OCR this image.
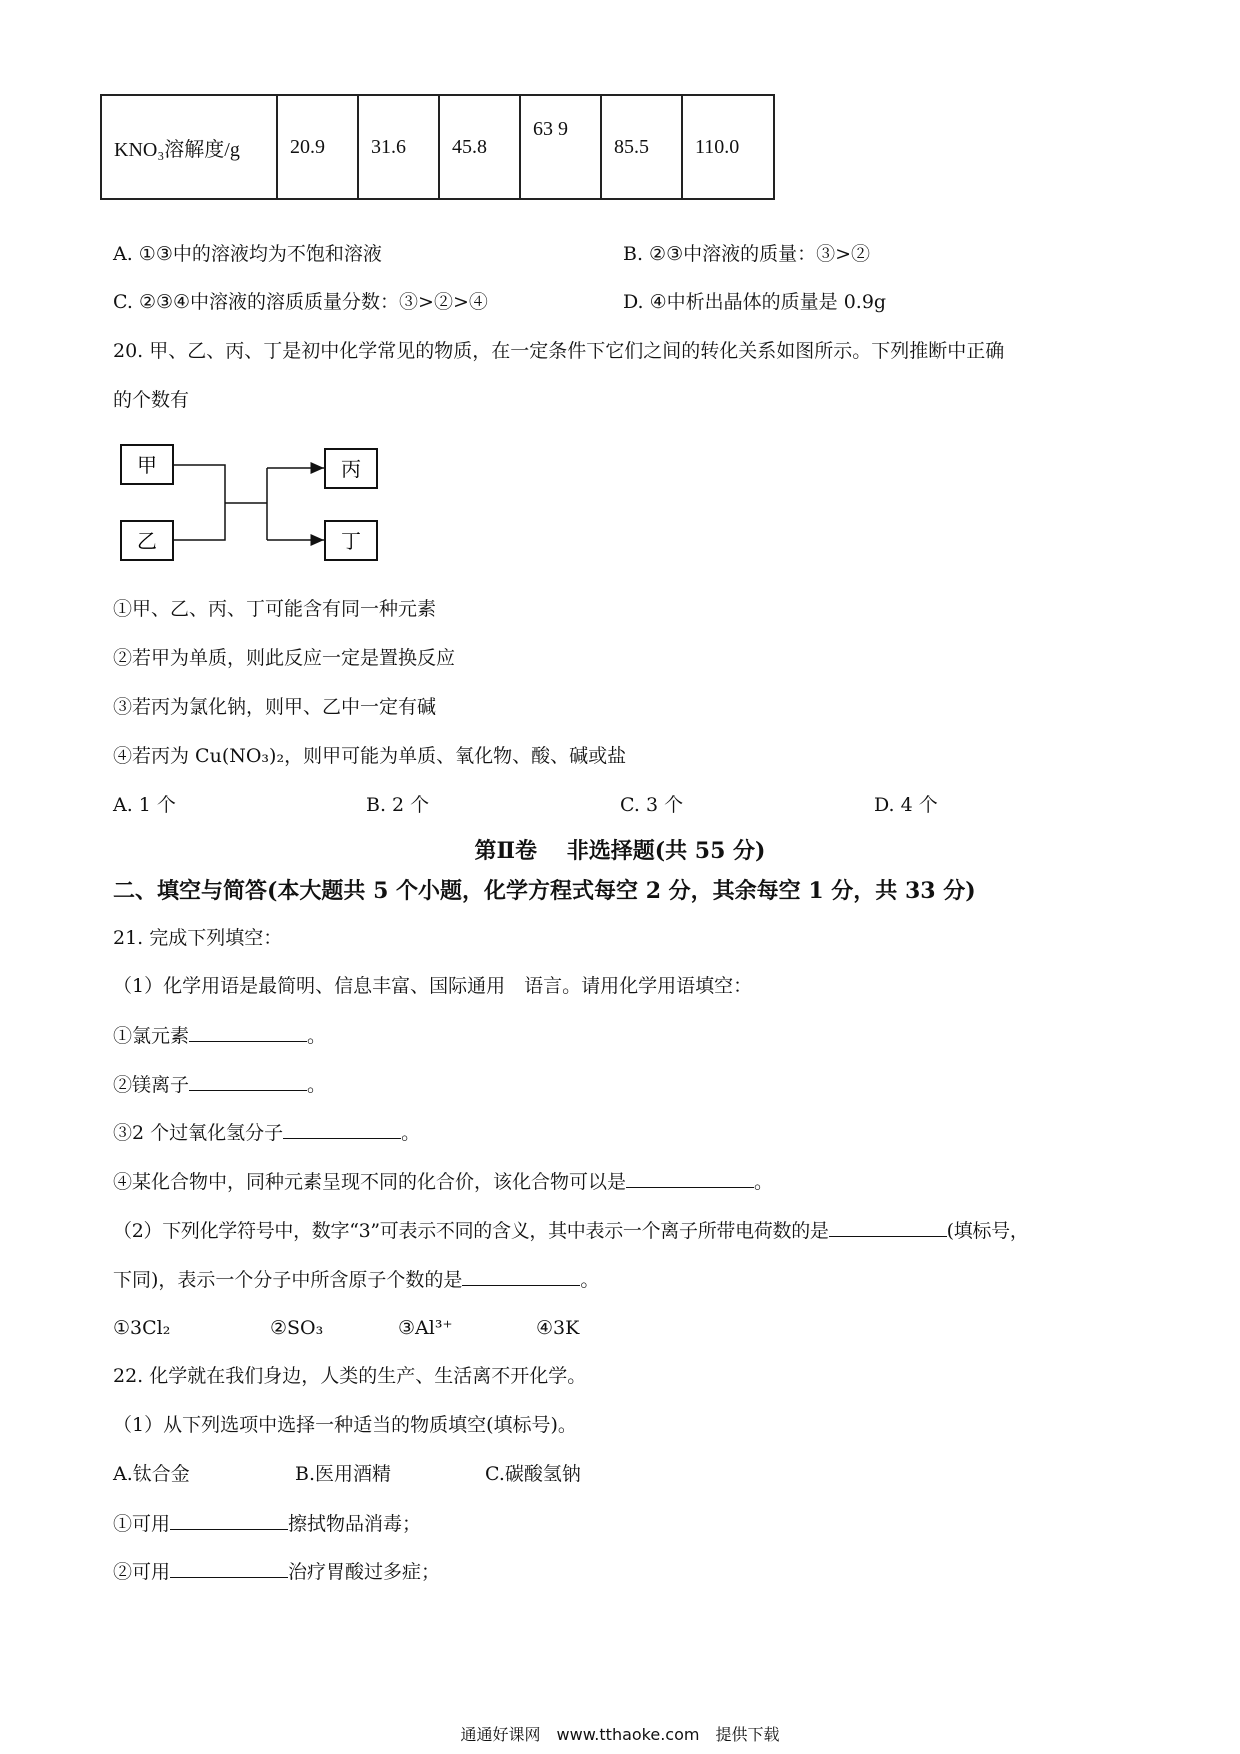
KNO₃溶解度/g	20.9	31.6	45.8	63 9	85.5	110.0
A. ①③中的溶液均为不饱和溶液	B. ②③中溶液的质量：③>②
C. ②③④中溶液的溶质质量分数：③>②>④	D. ④中析出晶体的质量是 0.9g
20. 甲、乙、丙、丁是初中化学常见的物质，在一定条件下它们之间的转化关系如图所示。下列推断中正确
的个数有
甲
乙
丙
丁
①甲、乙、丙、丁可能含有同一种元素
②若甲为单质，则此反应一定是置换反应
③若丙为氯化钠，则甲、乙中一定有碱
④若丙为 Cu(NO₃)₂，则甲可能为单质、氧化物、酸、碱或盐
A. 1 个	B. 2 个	C. 3 个	D. 4 个
第Ⅱ卷　 非选择题(共 55 分)
二、填空与简答(本大题共 5 个小题，化学方程式每空 2 分，其余每空 1 分，共 33 分)
21. 完成下列填空：
（1）化学用语是最简明、信息丰富、国际通用　语言。请用化学用语填空：
①氯元素	。
②镁离子	。
③2 个过氧化氢分子	。
④某化合物中，同种元素呈现不同的化合价，该化合物可以是	。
（2）下列化学符号中，数字“3”可表示不同的含义，其中表示一个离子所带电荷数的是	(填标号，
下同)，表示一个分子中所含原子个数的是	。
①3Cl₂	②SO₃	③Al³⁺	④3K
22. 化学就在我们身边，人类的生产、生活离不开化学。
（1）从下列选项中选择一种适当的物质填空(填标号)。
A.钛合金	B.医用酒精	C.碳酸氢钠
①可用	擦拭物品消毒；
②可用	治疗胃酸过多症；
通通好课网　www.tthaoke.com　提供下载
